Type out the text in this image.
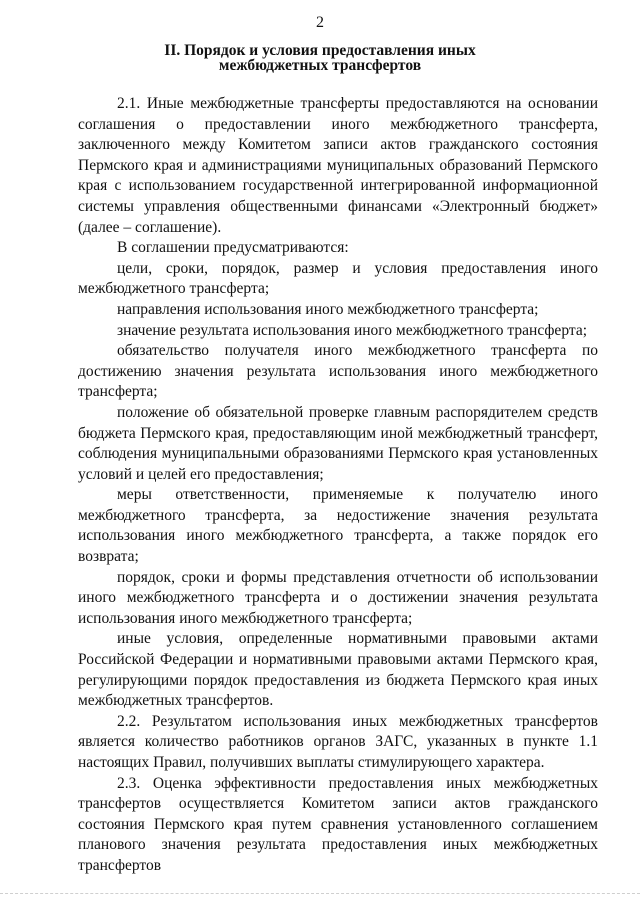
2
II. Порядок и условия предоставления иных
межбюджетных трансфертов

2.1. Иные межбюджетные трансферты предоставляются на основании соглашения о предоставлении иного межбюджетного трансферта, заключенного между Комитетом записи актов гражданского состояния Пермского края и администрациями муниципальных образований Пермского края с использованием государственной интегрированной информационной системы управления общественными финансами «Электронный бюджет» (далее – соглашение).

В соглашении предусматриваются:

цели, сроки, порядок, размер и условия предоставления иного межбюджетного трансферта;

направления использования иного межбюджетного трансферта;

значение результата использования иного межбюджетного трансферта;

обязательство получателя иного межбюджетного трансферта по достижению значения результата использования иного межбюджетного трансферта;

положение об обязательной проверке главным распорядителем средств бюджета Пермского края, предоставляющим иной межбюджетный трансферт, соблюдения муниципальными образованиями Пермского края установленных условий и целей его предоставления;

меры ответственности, применяемые к получателю иного межбюджетного трансферта, за недостижение значения результата использования иного межбюджетного трансферта, а также порядок его возврата;

порядок, сроки и формы представления отчетности об использовании иного межбюджетного трансферта и о достижении значения результата использования иного межбюджетного трансферта;

иные условия, определенные нормативными правовыми актами Российской Федерации и нормативными правовыми актами Пермского края, регулирующими порядок предоставления из бюджета Пермского края иных межбюджетных трансфертов.

2.2. Результатом использования иных межбюджетных трансфертов является количество работников органов ЗАГС, указанных в пункте 1.1 настоящих Правил, получивших выплаты стимулирующего характера.

2.3. Оценка эффективности предоставления иных межбюджетных трансфертов осуществляется Комитетом записи актов гражданского состояния Пермского края путем сравнения установленного соглашением планового значения результата предоставления иных межбюджетных трансфертов
